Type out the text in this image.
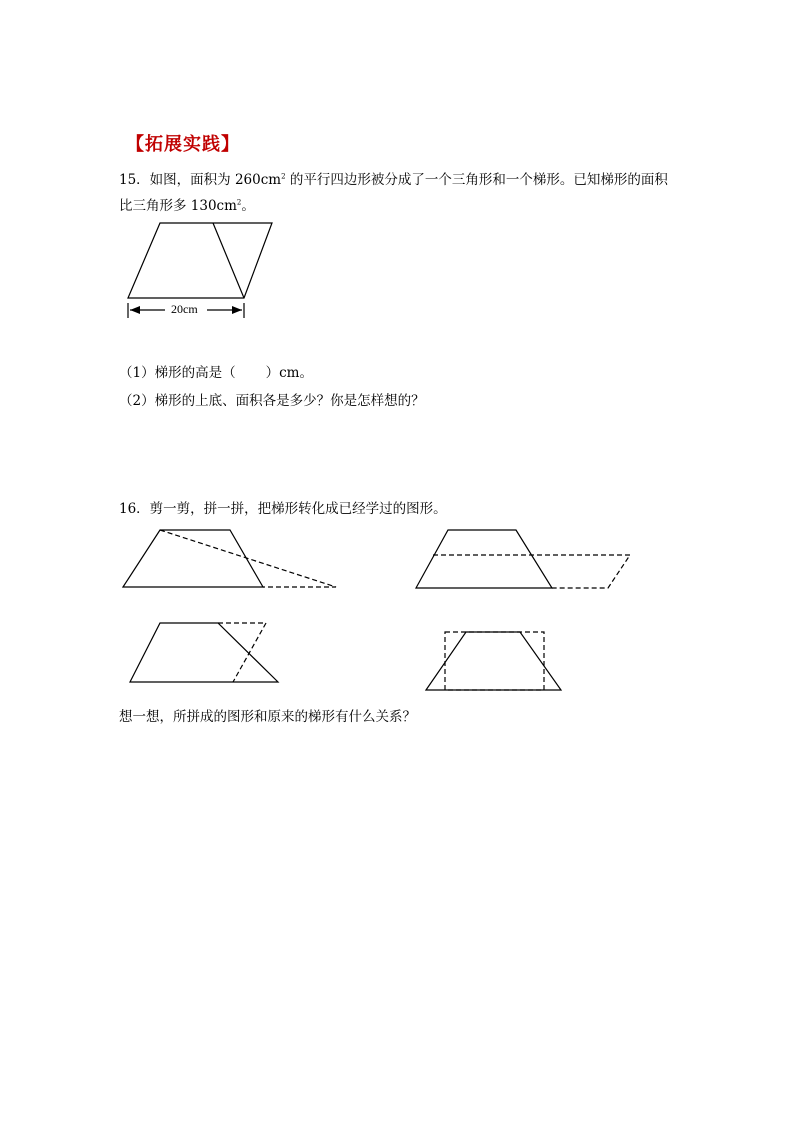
【拓展实践】
15．如图，面积为 $260cm^2$ 的平行四边形被分成了一个三角形和一个梯形。已知梯形的面积
比三角形多 $130cm^2$。
20cm
（1）梯形的高是（ ）cm。
（2）梯形的上底、面积各是多少？你是怎样想的？
16．剪一剪，拼一拼，把梯形转化成已经学过的图形。
想一想，所拼成的图形和原来的梯形有什么关系？
